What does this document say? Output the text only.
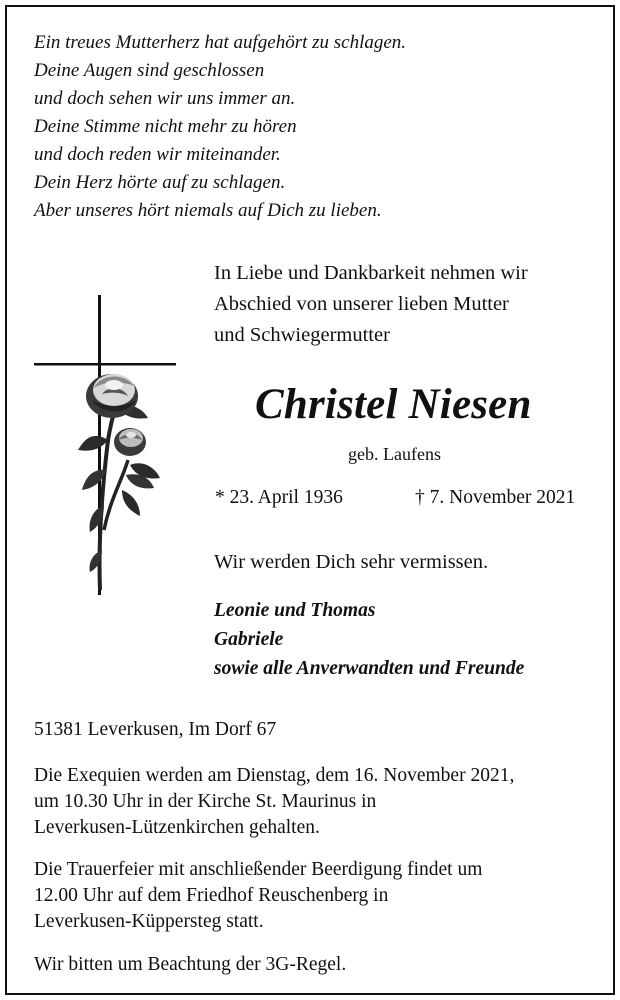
Ein treues Mutterherz hat aufgehört zu schlagen.
Deine Augen sind geschlossen
und doch sehen wir uns immer an.
Deine Stimme nicht mehr zu hören
und doch reden wir miteinander.
Dein Herz hörte auf zu schlagen.
Aber unseres hört niemals auf Dich zu lieben.
In Liebe und Dankbarkeit nehmen wir
Abschied von unserer lieben Mutter
und Schwiegermutter
Christel Niesen
geb. Laufens
* 23. April 1936	† 7. November 2021
Wir werden Dich sehr vermissen.
Leonie und Thomas
Gabriele
sowie alle Anverwandten und Freunde
51381 Leverkusen, Im Dorf 67
Die Exequien werden am Dienstag, dem 16. November 2021,
um 10.30 Uhr in der Kirche St. Maurinus in
Leverkusen-Lützenkirchen gehalten.
Die Trauerfeier mit anschließender Beerdigung findet um
12.00 Uhr auf dem Friedhof Reuschenberg in
Leverkusen-Küppersteg statt.
Wir bitten um Beachtung der 3G-Regel.
